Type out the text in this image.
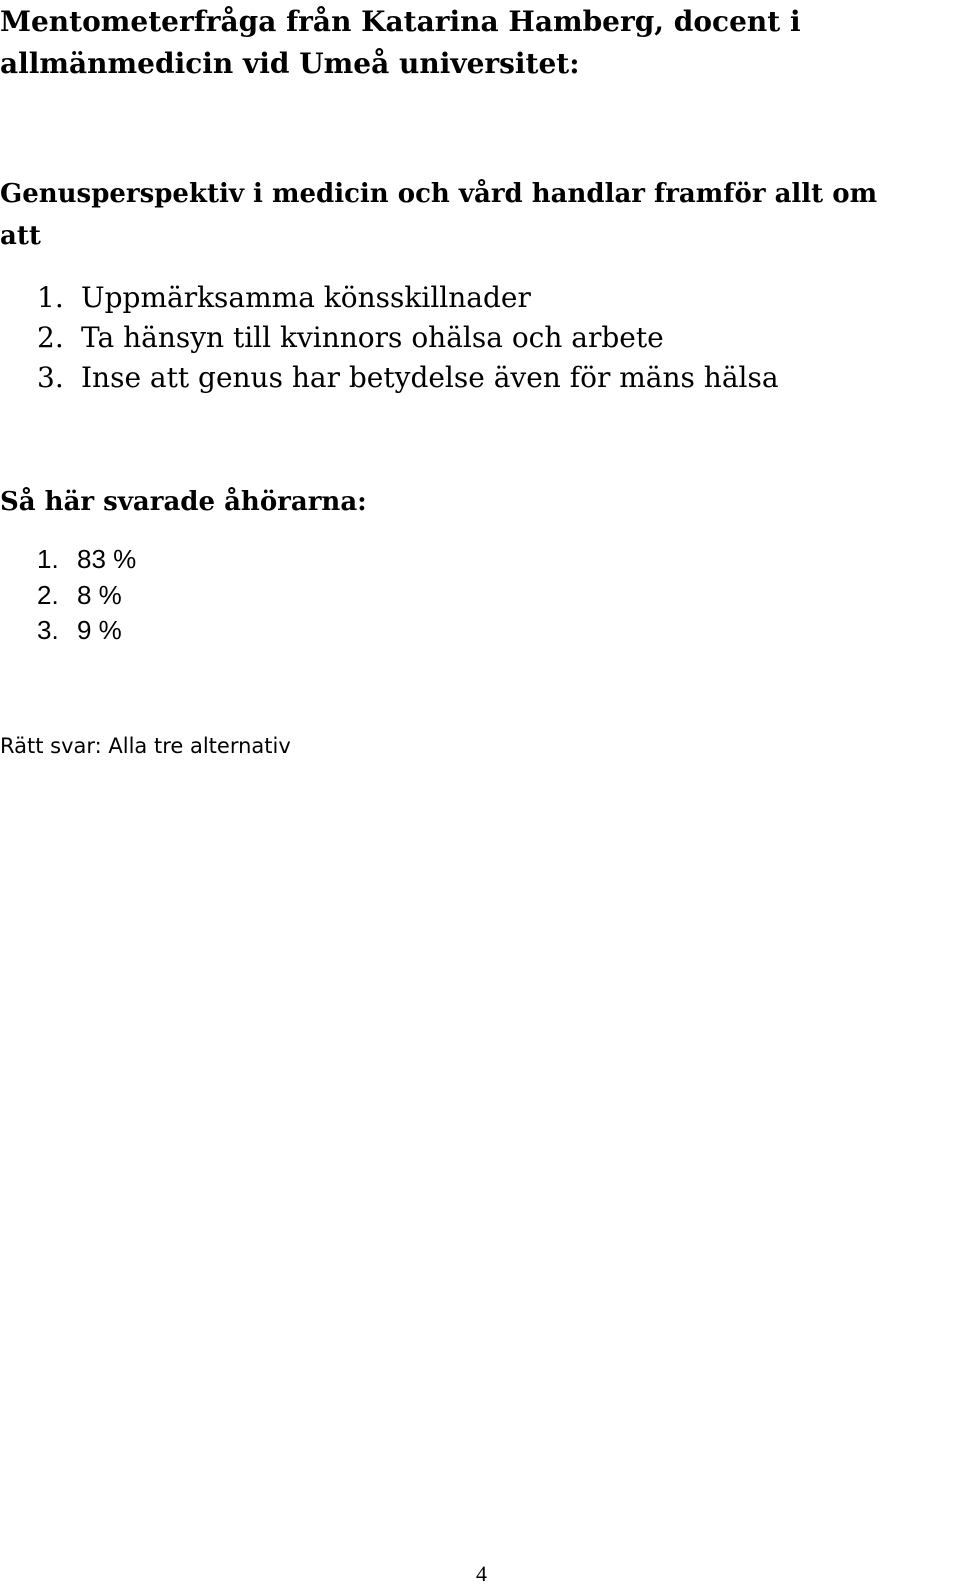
Mentometerfråga från Katarina Hamberg, docent i
allmänmedicin vid Umeå universitet:

Genusperspektiv i medicin och vård handlar framför allt om

att

1. Uppmärksamma könsskillnader
2. Ta hänsyn till kvinnors ohälsa och arbete
3. Inse att genus har betydelse även för mäns hälsa
Så här svarade åhörarna:
1. 83 %
2. 8 %
3. 9 %

Rätt svar: Alla tre alternativ

4
